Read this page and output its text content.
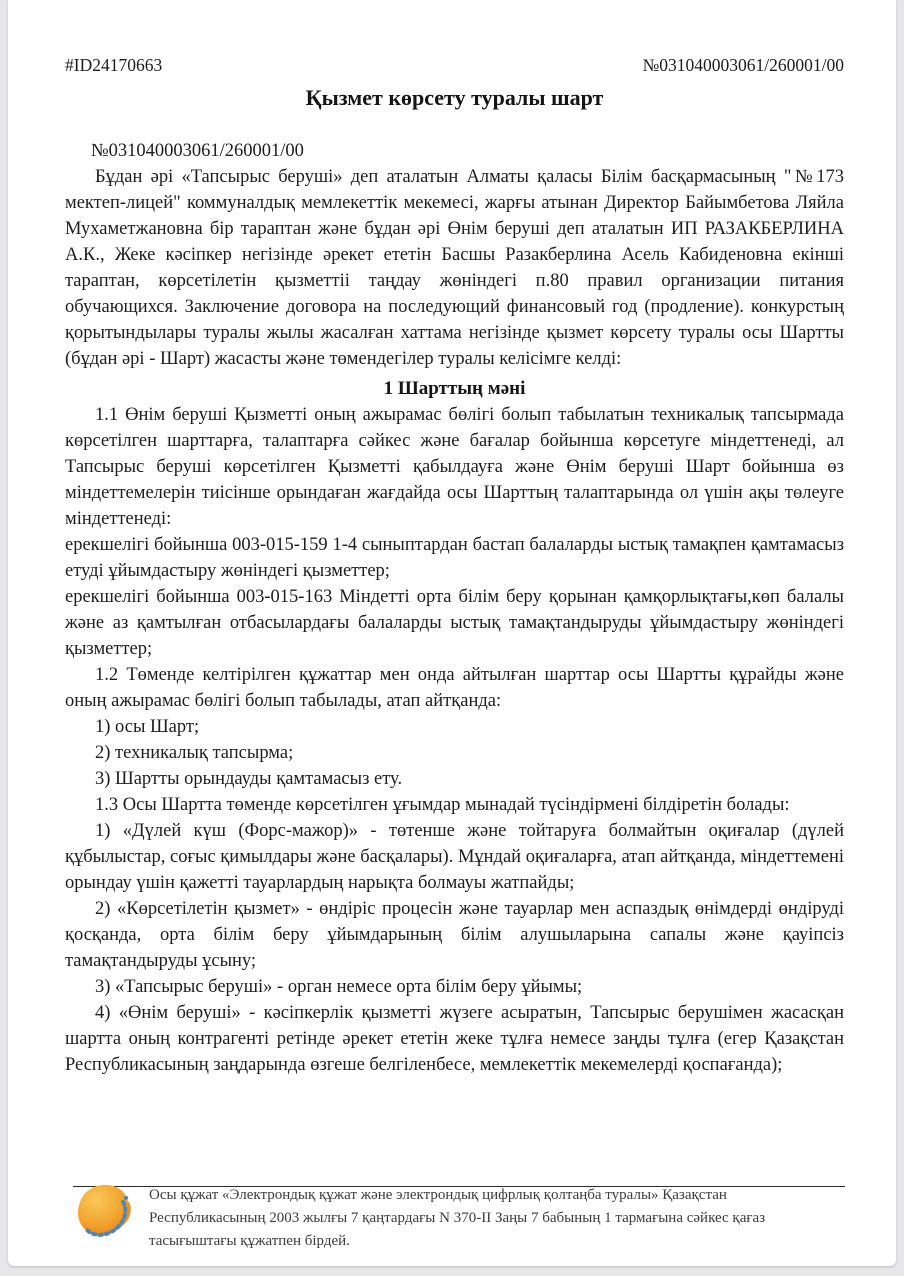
#ID24170663	№031040003061/260001/00
Қызмет көрсету туралы шарт

№031040003061/260001/00

Бұдан әрі «Тапсырыс беруші» деп аталатын Алматы қаласы Білім басқармасының "№173 мектеп-лицей" коммуналдық мемлекеттік мекемесі, жарғы атынан Директор Байымбетова Ляйла Мухаметжановна бір тараптан және бұдан әрі Өнім беруші деп аталатын ИП РАЗАКБЕРЛИНА А.К., Жеке кәсіпкер негізінде әрекет ететін Басшы Разакберлина Асель Кабиденовна екінші тараптан, көрсетілетін қызметтіі таңдау жөніндегі п.80 правил организации питания обучающихся. Заключение договора на последующий финансовый год (продление). конкурстың қорытындылары туралы жылы жасалған хаттама негізінде қызмет көрсету туралы осы Шартты (бұдан әрі - Шарт) жасасты және төмендегілер туралы келісімге келді:

1 Шарттың мәні

1.1 Өнім беруші Қызметті оның ажырамас бөлігі болып табылатын техникалық тапсырмада көрсетілген шарттарға, талаптарға сәйкес және бағалар бойынша көрсетуге міндеттенеді, ал Тапсырыс беруші көрсетілген Қызметті қабылдауға және Өнім беруші Шарт бойынша өз міндеттемелерін тиісінше орындаған жағдайда осы Шарттың талаптарында ол үшін ақы төлеуге міндеттенеді:

ерекшелігі бойынша 003-015-159 1-4 сыныптардан бастап балаларды ыстық тамақпен қамтамасыз етуді ұйымдастыру жөніндегі қызметтер;

ерекшелігі бойынша 003-015-163 Міндетті орта білім беру қорынан қамқорлықтағы,көп балалы және аз қамтылған отбасылардағы балаларды ыстық тамақтандыруды ұйымдастыру жөніндегі қызметтер;

1.2 Төменде келтірілген құжаттар мен онда айтылған шарттар осы Шартты құрайды және оның ажырамас бөлігі болып табылады, атап айтқанда:

1) осы Шарт;

2) техникалық тапсырма;

3) Шартты орындауды қамтамасыз ету.

1.3 Осы Шартта төменде көрсетілген ұғымдар мынадай түсіндірмені білдіретін болады:

1) «Дүлей күш (Форс-мажор)» - төтенше және тойтаруға болмайтын оқиғалар (дүлей құбылыстар, соғыс қимылдары және басқалары). Мұндай оқиғаларға, атап айтқанда, міндеттемені орындау үшін қажетті тауарлардың нарықта болмауы жатпайды;

2) «Көрсетілетін қызмет» - өндіріс процесін және тауарлар мен аспаздық өнімдерді өндіруді қосқанда, орта білім беру ұйымдарының білім алушыларына сапалы және қауіпсіз тамақтандыруды ұсыну;

3) «Тапсырыс беруші» - орган немесе орта білім беру ұйымы;

4) «Өнім беруші» - кәсіпкерлік қызметті жүзеге асыратын, Тапсырыс берушімен жасасқан шартта оның контрагенті ретінде әрекет ететін жеке тұлға немесе заңды тұлға (егер Қазақстан Республикасының заңдарында өзгеше белгіленбесе, мемлекеттік мекемелерді қоспағанда);

Осы құжат «Электрондық құжат және электрондық цифрлық қолтаңба туралы» Қазақстан Республикасының 2003 жылғы 7 қаңтардағы N 370-II Заңы 7 бабының 1 тармағына сәйкес қағаз тасығыштағы құжатпен бірдей.
